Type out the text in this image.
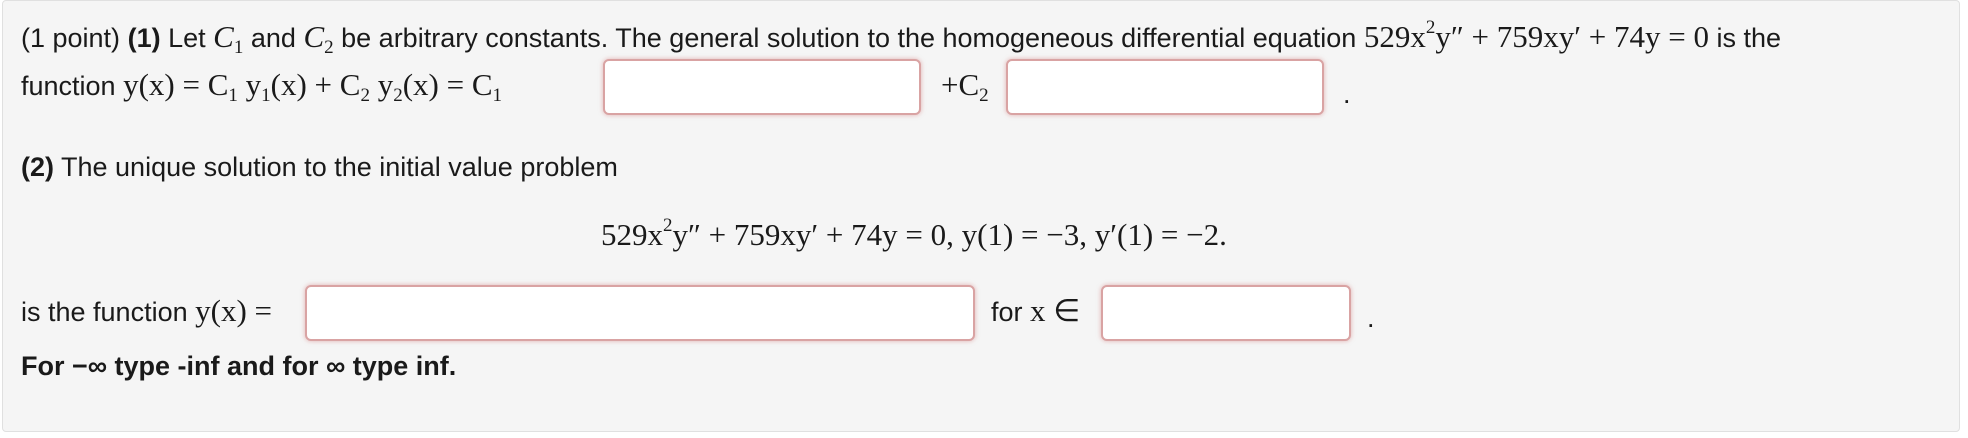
(1 point) (1) Let $C_1$ and $C_2$ be arbitrary constants. The general solution to the homogeneous differential equation $529x^2y'' + 759xy' + 74y = 0$ is the
function $y(x) = C_1$ $y_1(x) + C_2$ $y_2(x) = C_1$	$+C_2$	.
(2) The unique solution to the initial value problem
$529x^2y'' + 759xy' + 74y = 0$, y(1) = −3, y′(1) = −2.
is the function y(x) =	for x ∈	.
For −∞ type -inf and for ∞ type inf.
